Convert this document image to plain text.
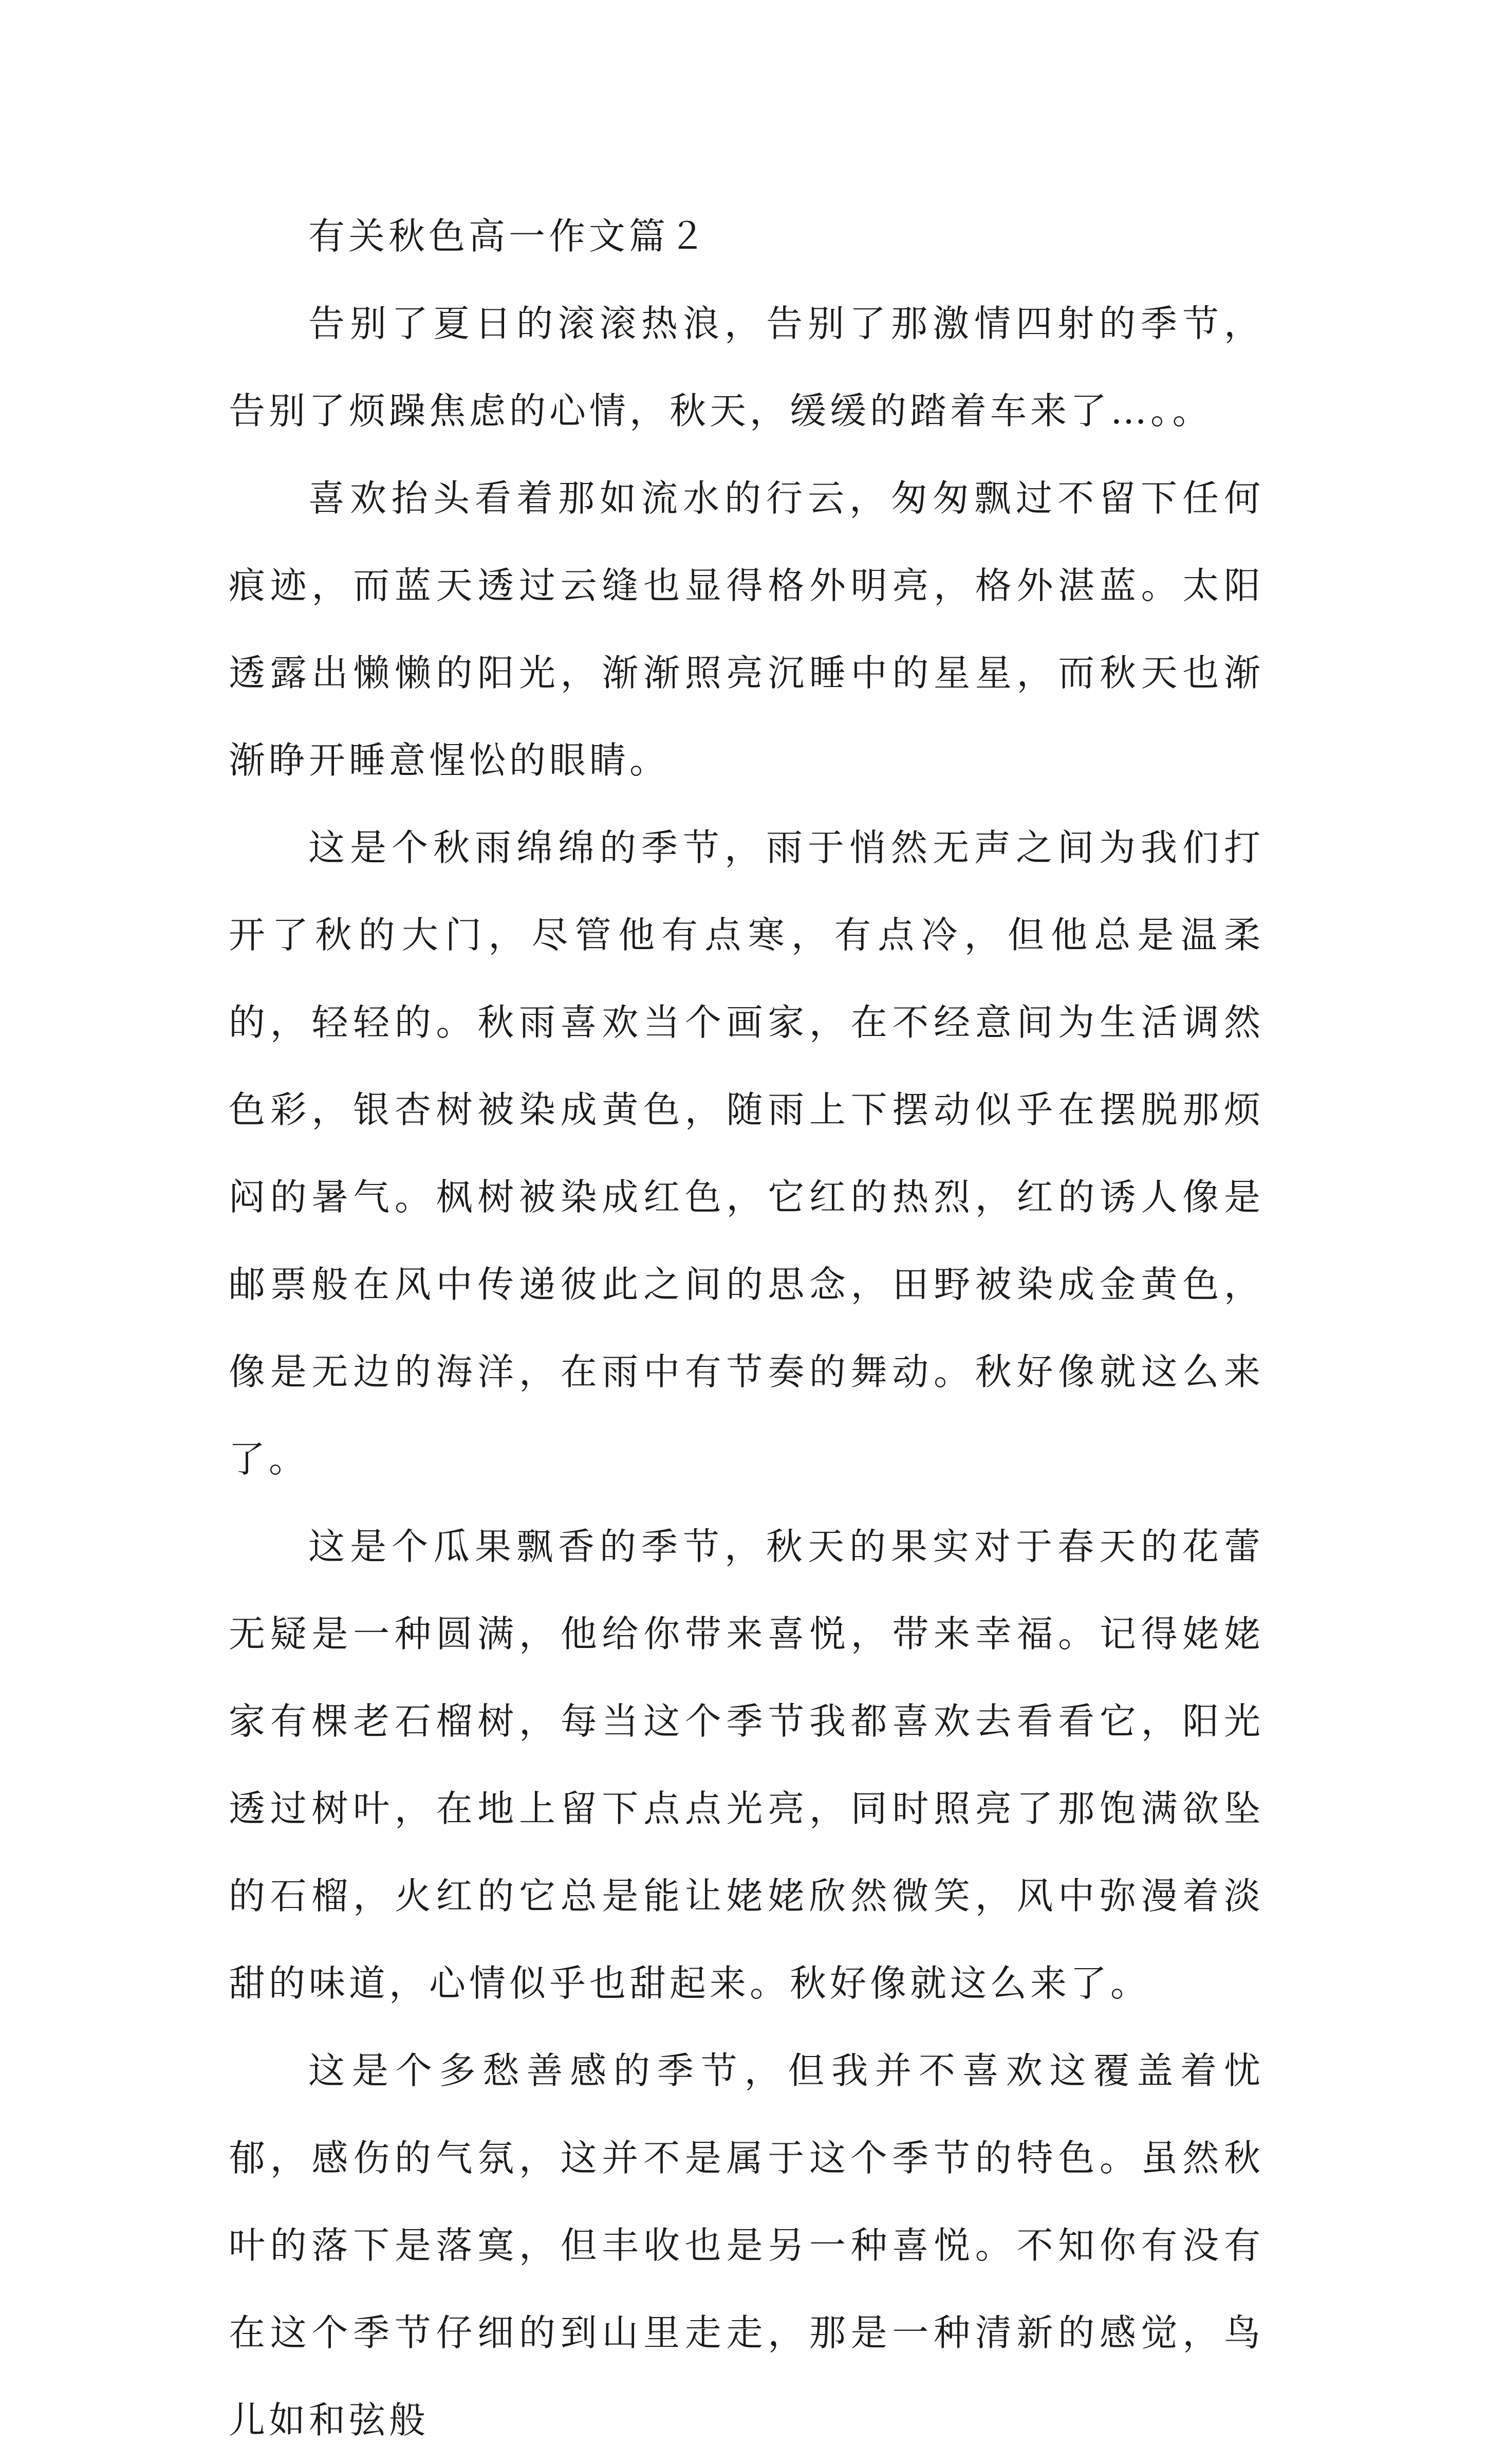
有关秋色高一作文篇２

告别了夏日的滚滚热浪，告别了那激情四射的季节，告别了烦躁焦虑的心情，秋天，缓缓的踏着车来了…。。

喜欢抬头看着那如流水的行云，匆匆飘过不留下任何痕迹，而蓝天透过云缝也显得格外明亮，格外湛蓝。太阳透露出懒懒的阳光，渐渐照亮沉睡中的星星，而秋天也渐渐睁开睡意惺忪的眼睛。

这是个秋雨绵绵的季节，雨于悄然无声之间为我们打开了秋的大门，尽管他有点寒，有点冷，但他总是温柔的，轻轻的。秋雨喜欢当个画家，在不经意间为生活调然色彩，银杏树被染成黄色，随雨上下摆动似乎在摆脱那烦闷的暑气。枫树被染成红色，它红的热烈，红的诱人像是邮票般在风中传递彼此之间的思念，田野被染成金黄色，像是无边的海洋，在雨中有节奏的舞动。秋好像就这么来了。

这是个瓜果飘香的季节，秋天的果实对于春天的花蕾无疑是一种圆满，他给你带来喜悦，带来幸福。记得姥姥家有棵老石榴树，每当这个季节我都喜欢去看看它，阳光透过树叶，在地上留下点点光亮，同时照亮了那饱满欲坠的石榴，火红的它总是能让姥姥欣然微笑，风中弥漫着淡甜的味道，心情似乎也甜起来。秋好像就这么来了。

这是个多愁善感的季节，但我并不喜欢这覆盖着忧郁，感伤的气氛，这并不是属于这个季节的特色。虽然秋叶的落下是落寞，但丰收也是另一种喜悦。不知你有没有在这个季节仔细的到山里走走，那是一种清新的感觉，鸟儿如和弦般
